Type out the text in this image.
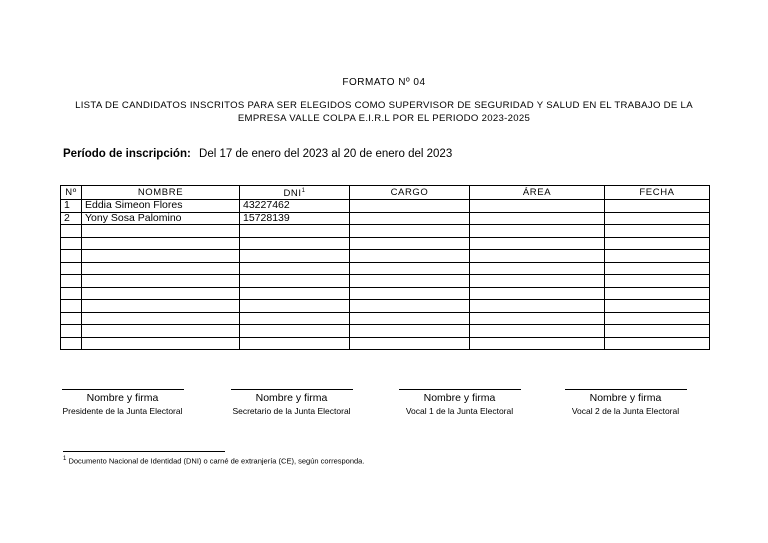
FORMATO Nº 04
LISTA DE CANDIDATOS INSCRITOS PARA SER ELEGIDOS COMO SUPERVISOR DE SEGURIDAD Y SALUD EN EL TRABAJO DE LA
EMPRESA VALLE COLPA E.I.R.L POR EL PERIODO 2023-2025
Período de inscripción: Del 17 de enero del 2023 al 20 de enero del 2023
Nº	NOMBRE	DNI$^1$	CARGO	ÁREA	FECHA
1	Eddia Simeon Flores	43227462			
2	Yony Sosa Palomino	15728139			

Nombre y firma
Presidente de la Junta Electoral
Nombre y firma
Secretario de la Junta Electoral
Nombre y firma
Vocal 1 de la Junta Electoral
Nombre y firma
Vocal 2 de la Junta Electoral
$^1$ Documento Nacional de Identidad (DNI) o carné de extranjería (CE), según corresponda.
